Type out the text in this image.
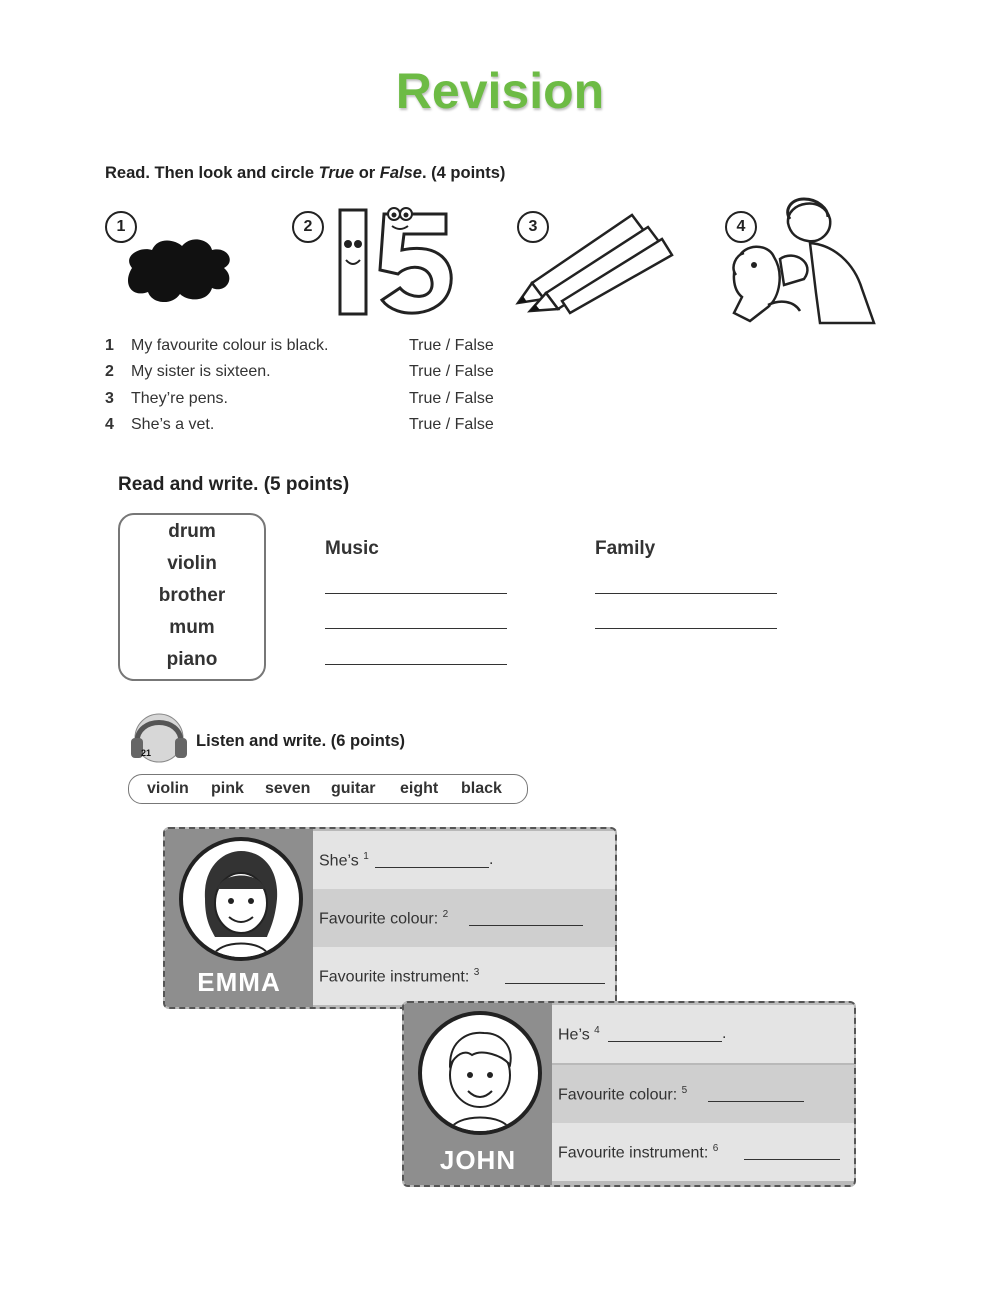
Revision
Read. Then look and circle True or False. (4 points)
1	2	3	4
1 My favourite colour is black.	True / False
2 My sister is sixteen.	True / False
3 They’re pens.	True / False
4 She’s a vet.	True / False
Read and write. (5 points)
drum
violin
brother
mum
piano
Music	Family
21
Listen and write. (6 points)
violin pink seven guitar eight black
EMMA
She’s $^1$	.
Favourite colour: $^2$
Favourite instrument: $^3$
JOHN
He’s $^4$	.
Favourite colour: $^5$
Favourite instrument: $^6$
